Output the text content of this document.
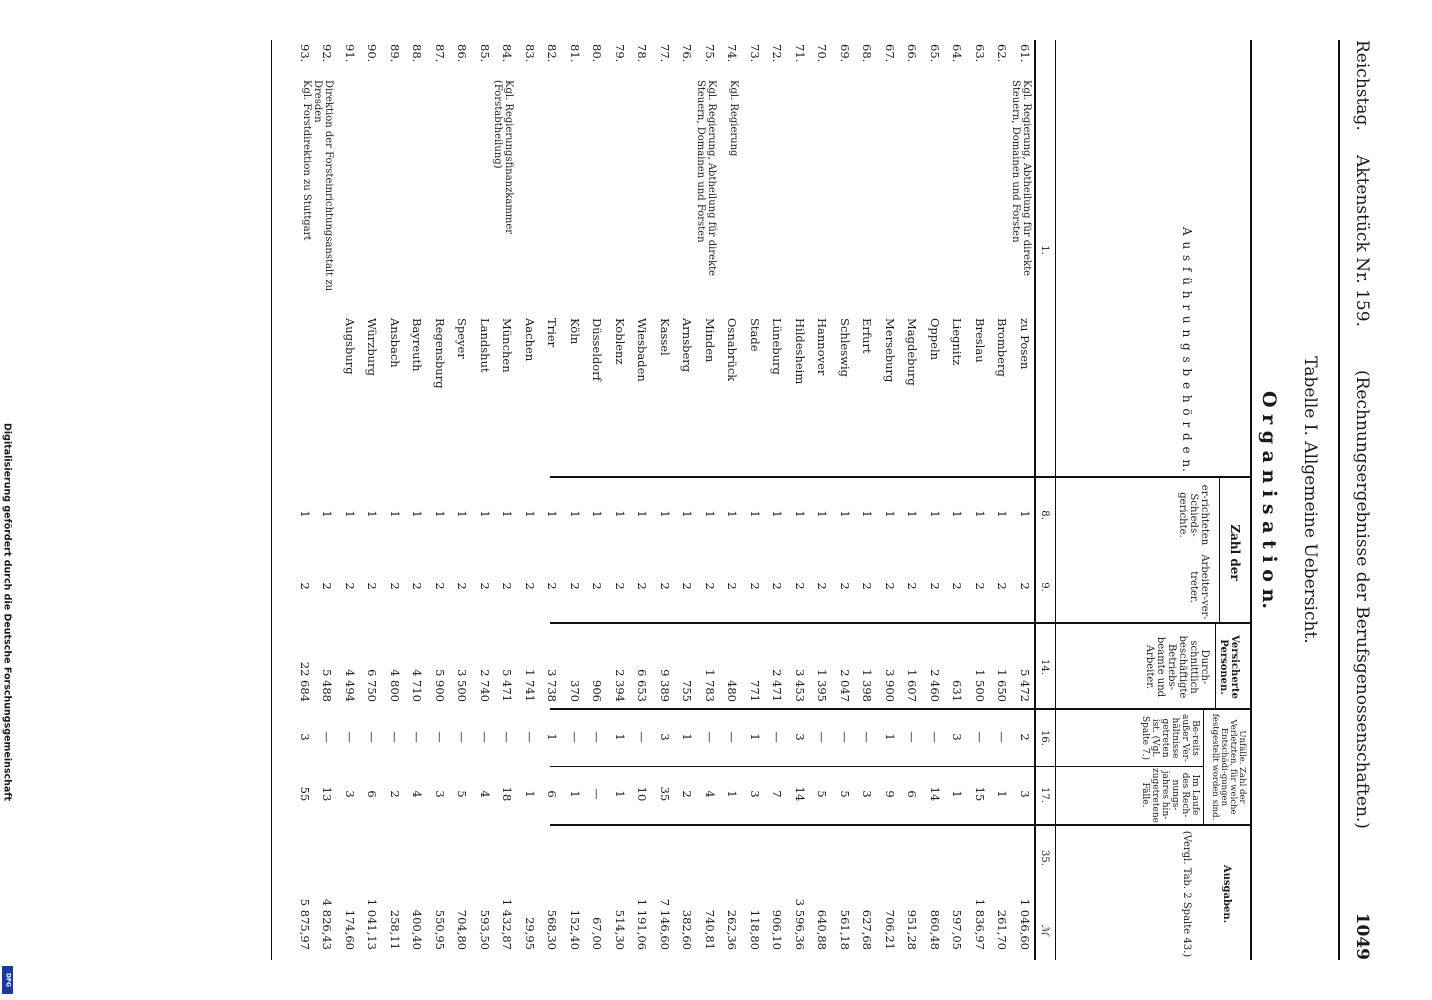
Digitalisierung gefördert durch die Deutsche Forschungsgemeinschaft
DFG
Reichstag.
Aktenstück Nr. 159.
(Rechnungsergebnisse der Berufsgenossenschaften.)
1049
Tabelle I. Allgemeine Uebersicht.
O r g a n i s a t i o n.
A u s f ü h r u n g s b e h ö r d e n.
1.
Zahl der
er-richteten Schieds-gerichte.
Arbeiter-ver-treter.
8.
9.
Versicherte Personen.
Durch-schnittlich beschäftigte Betriebs-beamte und Arbeiter.
14.
Unfälle. Zahl der Verletzten, für welche Entschädi-gungen festgestellt worden sind.
Be-reits außer Ver-hältnisse getreten ist. (Vgl. Spalte 7.)
Im Laufe des Rech-nungs-jahres hin-zugetretene Fälle.
16.
17.
Ausgaben.
(Vergl. Tab. 2 Spalte 43.)
35.
ℳ
61.
Kgl. Regierung, Abtheilung für direkte Steuern, Domainen und Forsten
zu Posen
1
2
5 472
2
3
1 046,60
62.
Bromberg
1
2
1 650
—
1
261,70
63.
Breslau
1
2
1 500
—
15
1 836,97
64.
Liegnitz
1
2
631
3
1
597,05
65.
Oppeln
1
2
2 460
—
14
860,48
66.
Magdeburg
1
2
1 607
—
6
951,28
67.
Merseburg
1
2
3 900
1
9
706,21
68.
Erfurt
1
2
1 398
—
3
627,68
69.
Schleswig
1
2
2 047
—
5
561,18
70.
Hannover
1
2
1 395
—
5
640,88
71.
Hildesheim
1
2
3 453
3
14
3 596,36
72.
Lüneburg
1
2
2 471
—
7
906,10
73.
Stade
1
2
771
1
3
118,80
74.
Kgl. Regierung
Osnabrück
1
2
480
—
1
262,36
75.
Kgl. Regierung, Abtheilung für direkte Steuern, Domainen und Forsten
Minden
1
2
1 783
—
4
740,81
76.
Arnsberg
1
2
755
1
2
382,60
77.
Kassel
1
2
9 389
3
35
7 146,60
78.
Wiesbaden
1
2
6 653
—
10
1 191,06
79.
Koblenz
1
2
2 394
1
1
514,30
80.
Düsseldorf
1
2
906
—
—
67,00
81.
Köln
1
2
370
—
1
152,40
82.
Trier
1
2
3 738
1
6
568,30
83.
Aachen
1
2
1 741
—
1
29,95
84.
Kgl. Regierungsfinanzkammer (Forstabtheilung)
München
1
2
5 471
—
18
1 432,87
85.
Landshut
1
2
2 740
—
4
593,50
86.
Speyer
1
2
3 500
—
5
704,80
87.
Regensburg
1
2
5 900
—
3
550,95
88.
Bayreuth
1
2
4 710
—
4
400,40
89.
Ansbach
1
2
4 800
—
2
258,11
90.
Würzburg
1
2
6 750
—
6
1 041,13
91.
Augsburg
1
2
4 494
—
3
174,60
92.
Direktion der Forsteinrichtungsanstalt zu Dresden
1
2
5 488
—
13
4 826,43
93.
Kgl. Forstdirektion zu Stuttgart
1
2
22 684
3
55
5 875,97
